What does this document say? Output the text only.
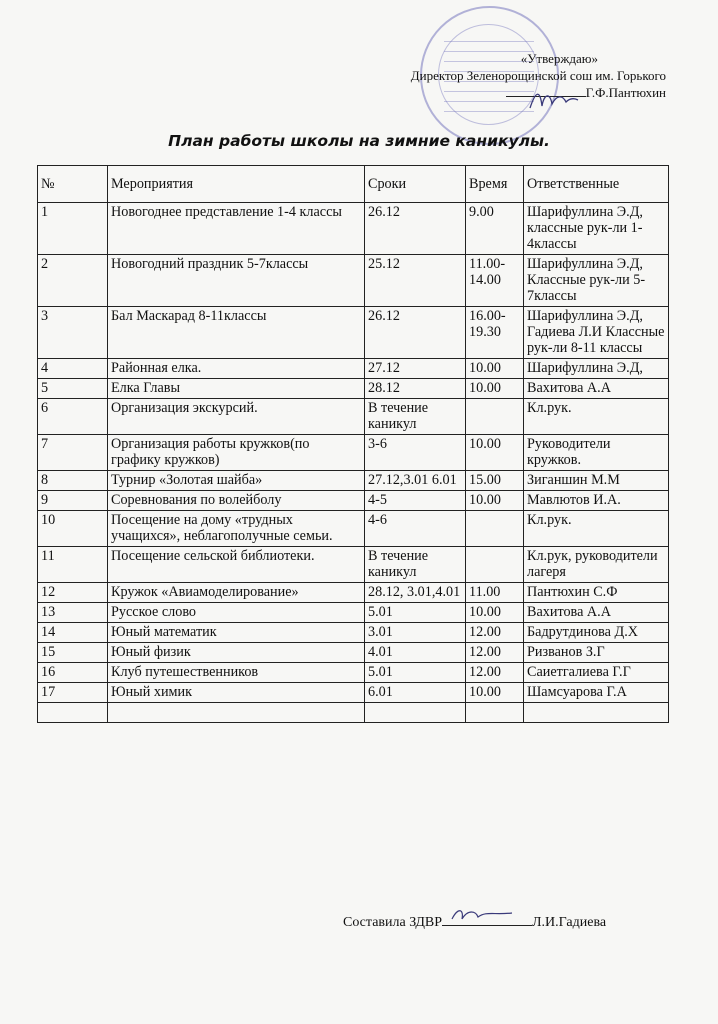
«Утверждаю»
Директор Зеленорощинской сош им. Горького
Г.Ф.Пантюхин
План работы школы на зимние каникулы.
№	Мероприятия	Сроки	Время	Ответственные
1	Новогоднее представление 1-4 классы	26.12	9.00	Шарифуллина Э.Д, классные рук-ли 1-4классы
2	Новогодний праздник 5-7классы	25.12	11.00-14.00	Шарифуллина Э.Д, Классные рук-ли 5-7классы
3	Бал Маскарад 8-11классы	26.12	16.00-19.30	Шарифуллина Э.Д, Гадиева Л.И Классные рук-ли 8-11 классы
4	Районная елка.	27.12	10.00	Шарифуллина Э.Д,
5	Елка Главы	28.12	10.00	Вахитова А.А
6	Организация экскурсий.	В течение каникул		Кл.рук.
7	Организация работы кружков(по графику кружков)	3-6	10.00	Руководители кружков.
8	Турнир «Золотая шайба»	27.12,3.01 6.01	15.00	Зиганшин М.М
9	Соревнования по волейболу	4-5	10.00	Мавлютов И.А.
10	Посещение на дому «трудных учащихся», неблагополучные семьи.	4-6		Кл.рук.
11	Посещение сельской библиотеки.	В течение каникул		Кл.рук, руководители лагеря
12	Кружок «Авиамоделирование»	28.12, 3.01,4.01	11.00	Пантюхин С.Ф
13	Русское слово	5.01	10.00	Вахитова А.А
14	Юный математик	3.01	12.00	Бадрутдинова Д.Х
15	Юный физик	4.01	12.00	Ризванов З.Г
16	Клуб путешественников	5.01	12.00	Саиетгалиева Г.Г
17	Юный химик	6.01	10.00	Шамсуарова Г.А

Составила ЗДВР	Л.И.Гадиева
